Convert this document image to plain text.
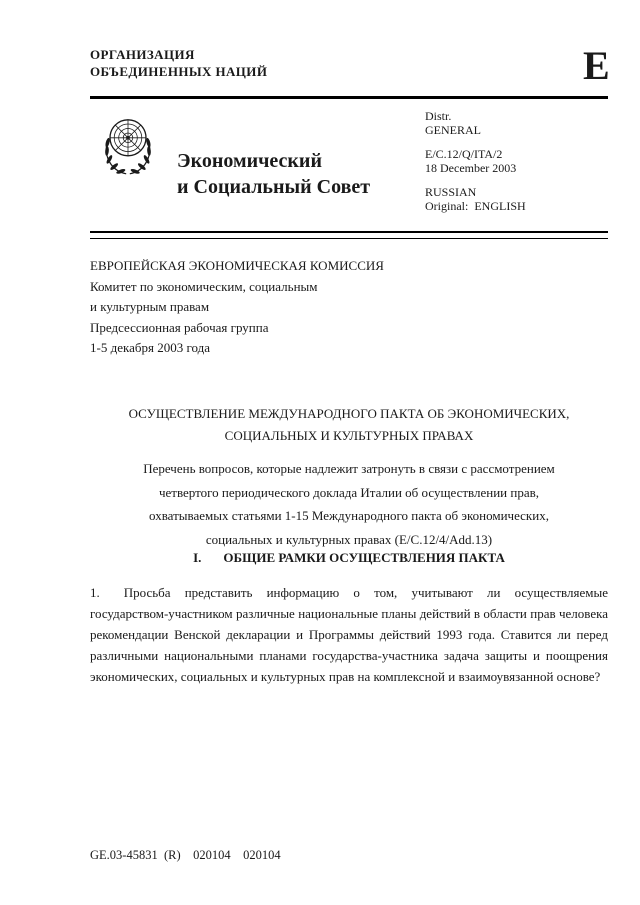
ОРГАНИЗАЦИЯ
ОБЪЕДИНЕННЫХ НАЦИЙ	E
Экономический
и Социальный Совет
Distr.
GENERAL
E/C.12/Q/ITA/2
18 December 2003
RUSSIAN
Original:  ENGLISH
ЕВРОПЕЙСКАЯ ЭКОНОМИЧЕСКАЯ КОМИССИЯ
Комитет по экономическим, социальным
и культурным правам
Предсессионная рабочая группа
1-5 декабря 2003 года
ОСУЩЕСТВЛЕНИЕ МЕЖДУНАРОДНОГО ПАКТА ОБ ЭКОНОМИЧЕСКИХ,
СОЦИАЛЬНЫХ И КУЛЬТУРНЫХ ПРАВАХ
Перечень вопросов, которые надлежит затронуть в связи с рассмотрением
четвертого периодического доклада Италии об осуществлении прав,
охватываемых статьями 1-15 Международного пакта об экономических,
социальных и культурных правах (E/C.12/4/Add.13)
I. ОБЩИЕ РАМКИ ОСУЩЕСТВЛЕНИЯ ПАКТА
1. Просьба представить информацию о том, учитывают ли осуществляемые государством-участником различные национальные планы действий в области прав человека рекомендации Венской декларации и Программы действий 1993 года. Ставится ли перед различными национальными планами государства-участника задача защиты и поощрения экономических, социальных и культурных прав на комплексной и взаимоувязанной основе?
GE.03-45831  (R)    020104    020104
